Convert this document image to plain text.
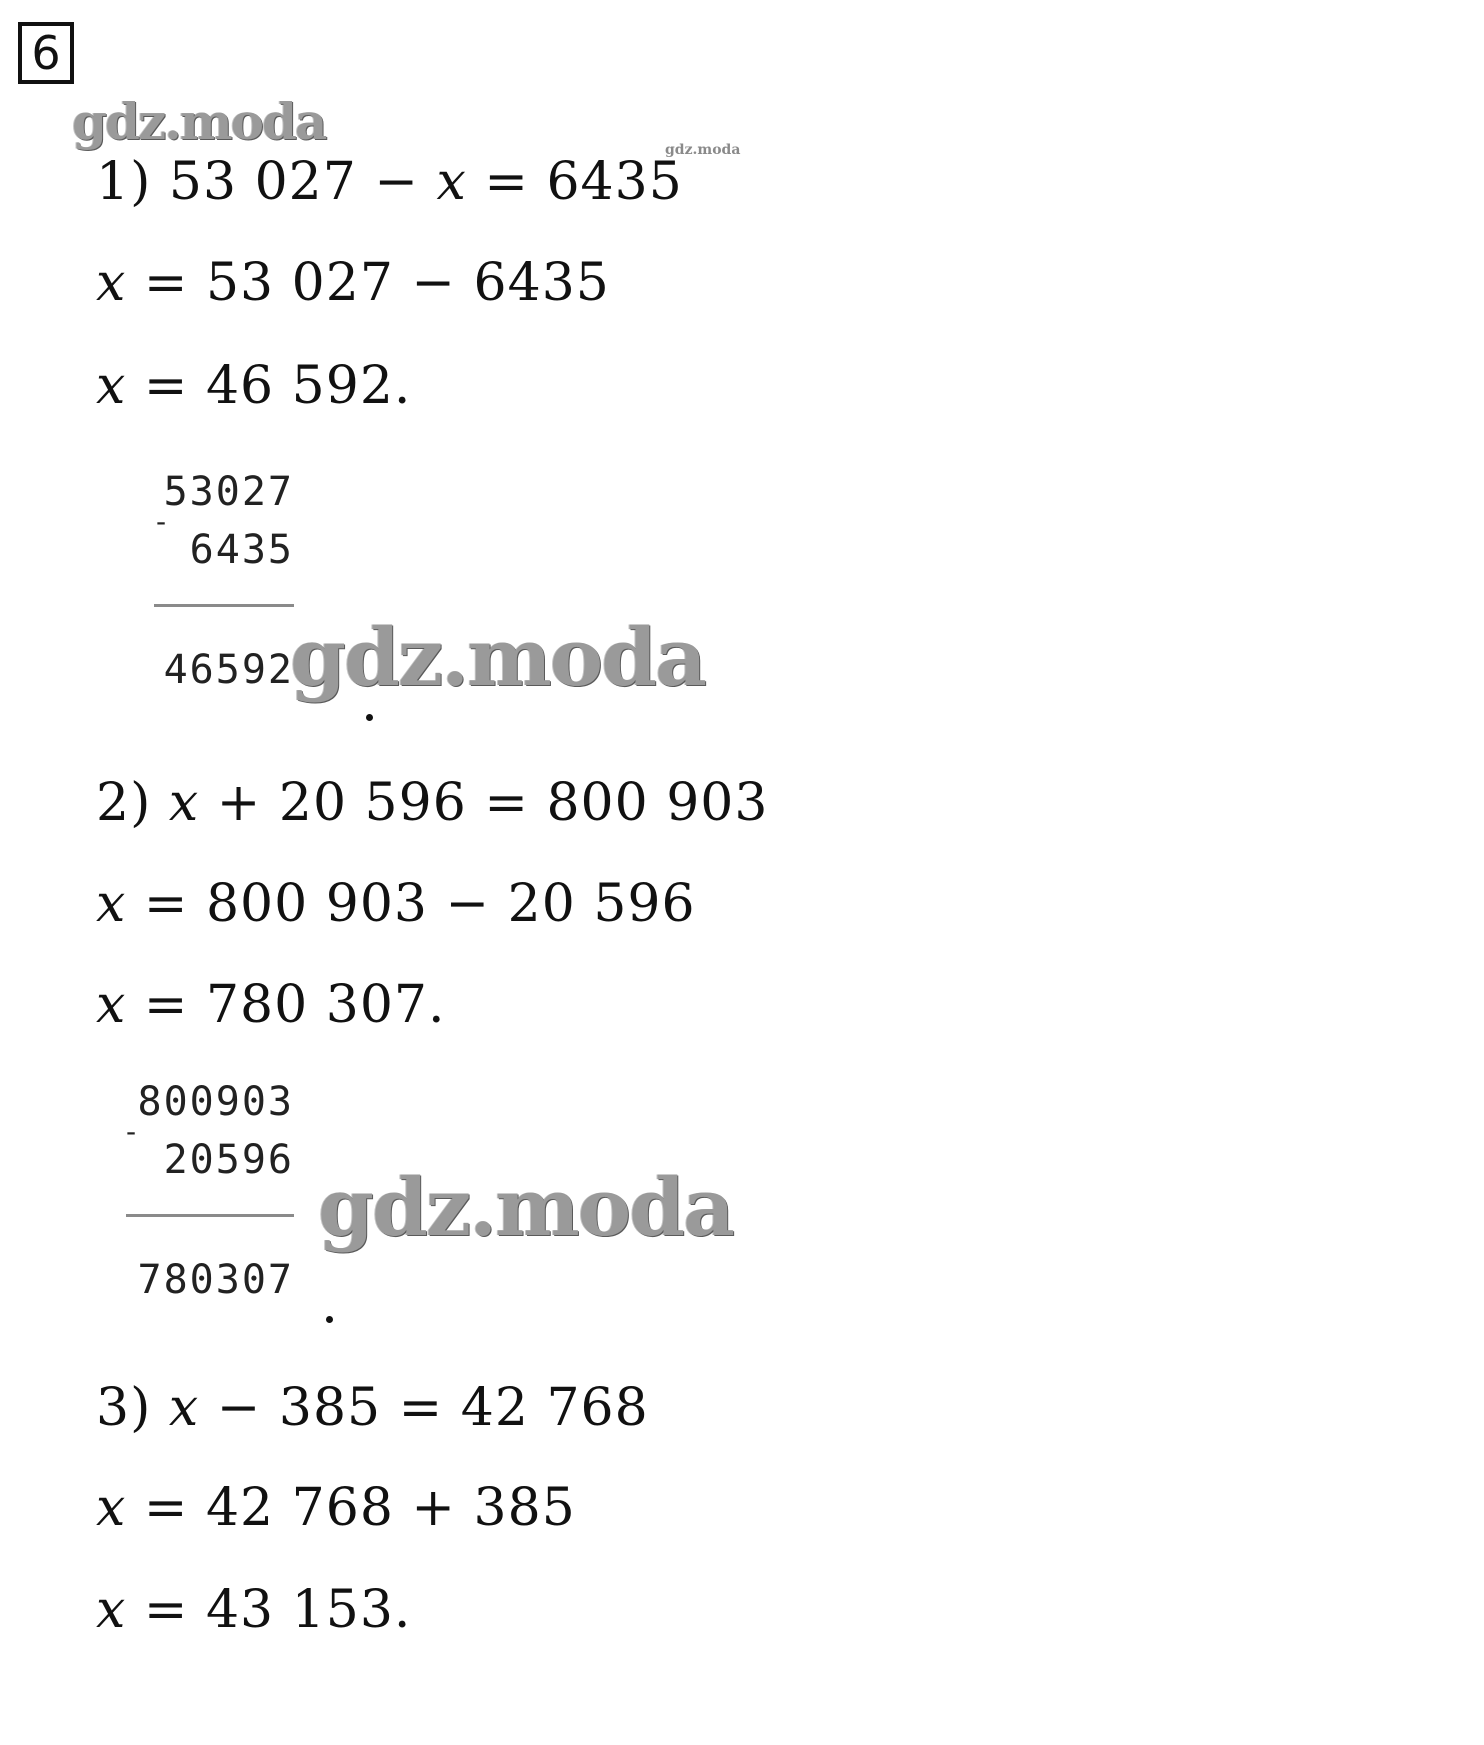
6
gdz.moda	gdz.moda
1) 53 027 − x = 6435
x = 53 027 − 6435
x = 46 592.
53027
-
6435
46592
gdz.moda
2) x + 20 596 = 800 903
x = 800 903 − 20 596
x = 780 307.
800903
-
20596
780307
gdz.moda
3) x − 385 = 42 768
x = 42 768 + 385
x = 43 153.
